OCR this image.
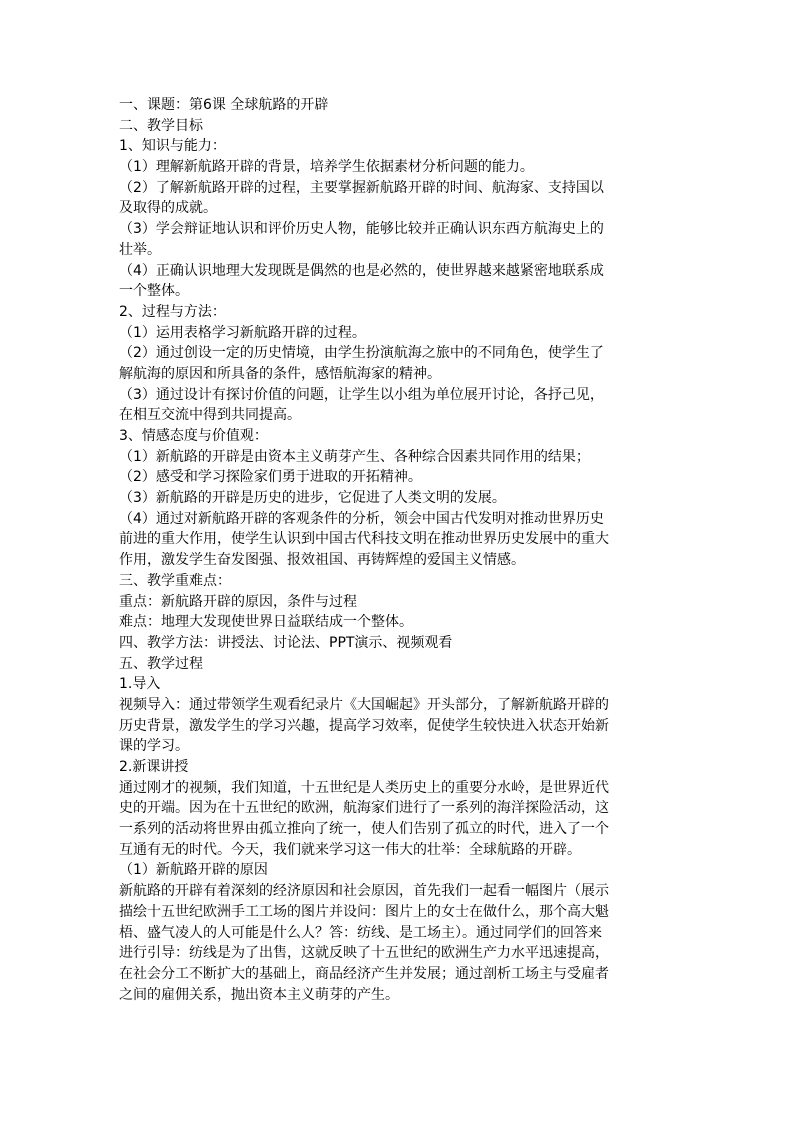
一、课题：第6课 全球航路的开辟
二、教学目标
1、知识与能力：
（1）理解新航路开辟的背景，培养学生依据素材分析问题的能力。
（2）了解新航路开辟的过程，主要掌握新航路开辟的时间、航海家、支持国以
及取得的成就。
（3）学会辩证地认识和评价历史人物，能够比较并正确认识东西方航海史上的
壮举。
（4）正确认识地理大发现既是偶然的也是必然的，使世界越来越紧密地联系成
一个整体。
2、过程与方法：
（1）运用表格学习新航路开辟的过程。
（2）通过创设一定的历史情境，由学生扮演航海之旅中的不同角色，使学生了
解航海的原因和所具备的条件，感悟航海家的精神。
（3）通过设计有探讨价值的问题，让学生以小组为单位展开讨论，各抒己见，
在相互交流中得到共同提高。
3、情感态度与价值观：
（1）新航路的开辟是由资本主义萌芽产生、各种综合因素共同作用的结果；
（2）感受和学习探险家们勇于进取的开拓精神。
（3）新航路的开辟是历史的进步，它促进了人类文明的发展。
（4）通过对新航路开辟的客观条件的分析，领会中国古代发明对推动世界历史
前进的重大作用，使学生认识到中国古代科技文明在推动世界历史发展中的重大
作用，激发学生奋发图强、报效祖国、再铸辉煌的爱国主义情感。
三、教学重难点：
重点：新航路开辟的原因，条件与过程
难点：地理大发现使世界日益联结成一个整体。
四、教学方法：讲授法、讨论法、PPT演示、视频观看
五、教学过程
1.导入
视频导入：通过带领学生观看纪录片《大国崛起》开头部分，了解新航路开辟的
历史背景，激发学生的学习兴趣，提高学习效率，促使学生较快进入状态开始新
课的学习。
2.新课讲授
通过刚才的视频，我们知道，十五世纪是人类历史上的重要分水岭，是世界近代
史的开端。因为在十五世纪的欧洲，航海家们进行了一系列的海洋探险活动，这
一系列的活动将世界由孤立推向了统一，使人们告别了孤立的时代，进入了一个
互通有无的时代。今天，我们就来学习这一伟大的壮举：全球航路的开辟。
（1）新航路开辟的原因
新航路的开辟有着深刻的经济原因和社会原因，首先我们一起看一幅图片（展示
描绘十五世纪欧洲手工工场的图片并设问：图片上的女士在做什么，那个高大魁
梧、盛气凌人的人可能是什么人？答：纺线、是工场主）。通过同学们的回答来
进行引导：纺线是为了出售，这就反映了十五世纪的欧洲生产力水平迅速提高，
在社会分工不断扩大的基础上，商品经济产生并发展；通过剖析工场主与受雇者
之间的雇佣关系，抛出资本主义萌芽的产生。
